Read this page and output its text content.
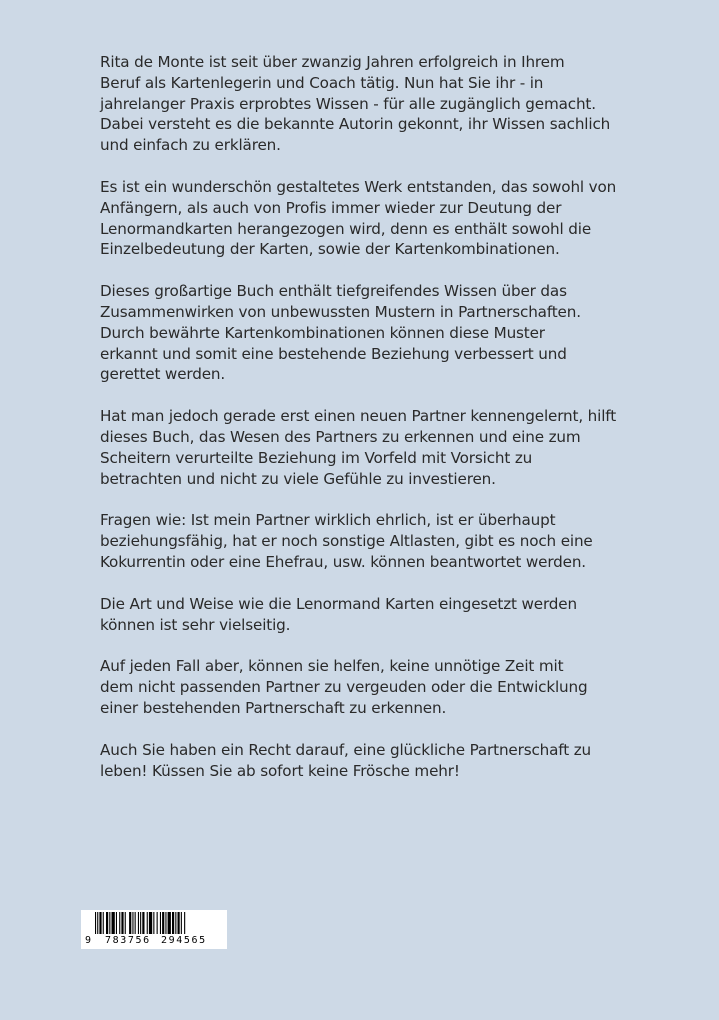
Rita de Monte ist seit über zwanzig Jahren erfolgreich in Ihrem
Beruf als Kartenlegerin und Coach tätig. Nun hat Sie ihr - in
jahrelanger Praxis erprobtes Wissen - für alle zugänglich gemacht.
Dabei versteht es die bekannte Autorin gekonnt, ihr Wissen sachlich
und einfach zu erklären.

Es ist ein wunderschön gestaltetes Werk entstanden, das sowohl von
Anfängern, als auch von Profis immer wieder zur Deutung der
Lenormandkarten herangezogen wird, denn es enthält sowohl die
Einzelbedeutung der Karten, sowie der Kartenkombinationen.

Dieses großartige Buch enthält tiefgreifendes Wissen über das
Zusammenwirken von unbewussten Mustern in Partnerschaften.
Durch bewährte Kartenkombinationen können diese Muster
erkannt und somit eine bestehende Beziehung verbessert und
gerettet werden.

Hat man jedoch gerade erst einen neuen Partner kennengelernt, hilft
dieses Buch, das Wesen des Partners zu erkennen und eine zum
Scheitern verurteilte Beziehung im Vorfeld mit Vorsicht zu
betrachten und nicht zu viele Gefühle zu investieren.

Fragen wie: Ist mein Partner wirklich ehrlich, ist er überhaupt
beziehungsfähig, hat er noch sonstige Altlasten, gibt es noch eine
Kokurrentin oder eine Ehefrau, usw. können beantwortet werden.

Die Art und Weise wie die Lenormand Karten eingesetzt werden
können ist sehr vielseitig.

Auf jeden Fall aber, können sie helfen, keine unnötige Zeit mit
dem nicht passenden Partner zu vergeuden oder die Entwicklung
einer bestehenden Partnerschaft zu erkennen.

Auch Sie haben ein Recht darauf, eine glückliche Partnerschaft zu
leben! Küssen Sie ab sofort keine Frösche mehr!

9 783756 294565
